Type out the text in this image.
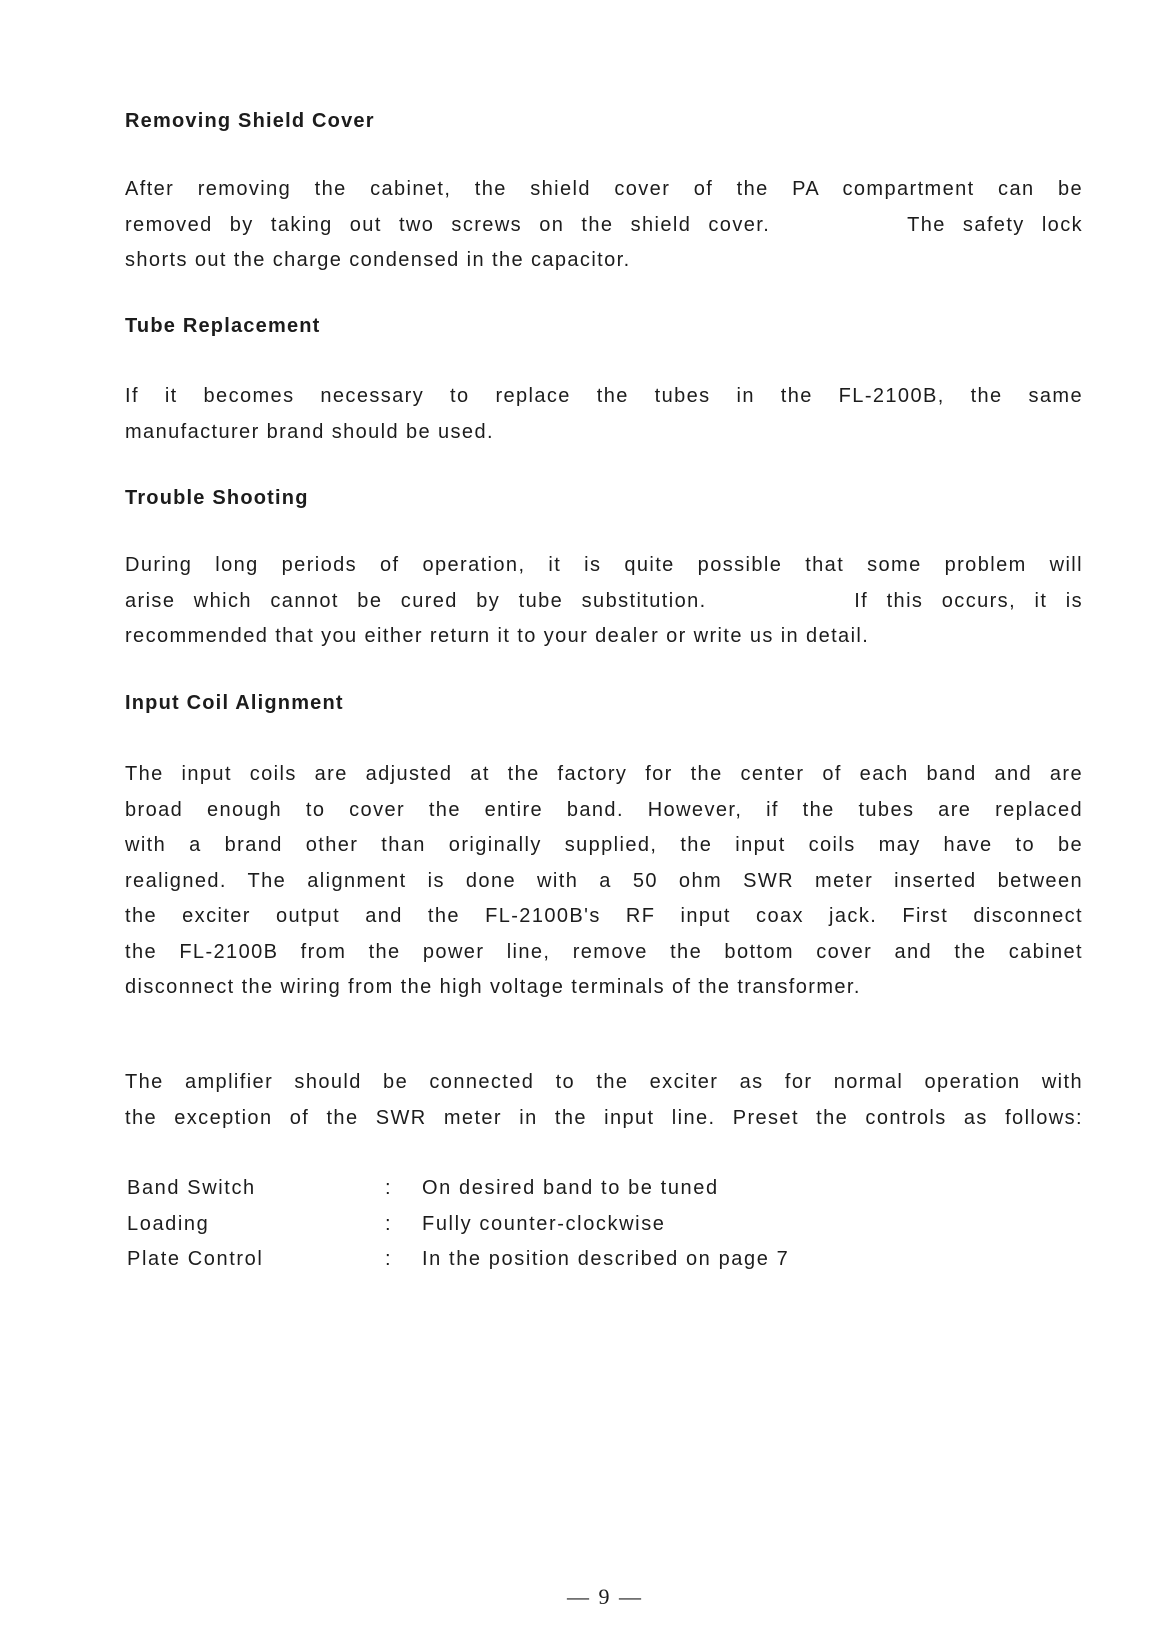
Removing Shield Cover
After removing the cabinet, the shield cover of the PA compartment can be
removed by taking out two screws on the shield cover.        The safety lock
shorts out the charge condensed in the capacitor.
Tube Replacement
If it becomes necessary to replace the tubes in the FL-2100B, the same
manufacturer brand should be used.
Trouble Shooting
During long periods of operation, it is quite possible that some problem will
arise which cannot be cured by tube substitution.        If this occurs, it is
recommended that you either return it to your dealer or write us in detail.
Input Coil Alignment
The input coils are adjusted at the factory for the center of each band and are
broad enough to cover the entire band. However, if the tubes are replaced
with a brand other than originally supplied, the input coils may have to be
realigned. The alignment is done with a 50 ohm SWR meter inserted between
the exciter output and the FL-2100B's RF input coax jack. First disconnect
the FL-2100B from the power line, remove the bottom cover and the cabinet
disconnect the wiring from the high voltage terminals of the transformer.
The amplifier should be connected to the exciter as for normal operation with
the exception of the SWR meter in the input line. Preset the controls as follows:
Band Switch	: On desired band to be tuned
Loading	: Fully counter-clockwise
Plate Control	: In the position described on page 7
— 9 —
